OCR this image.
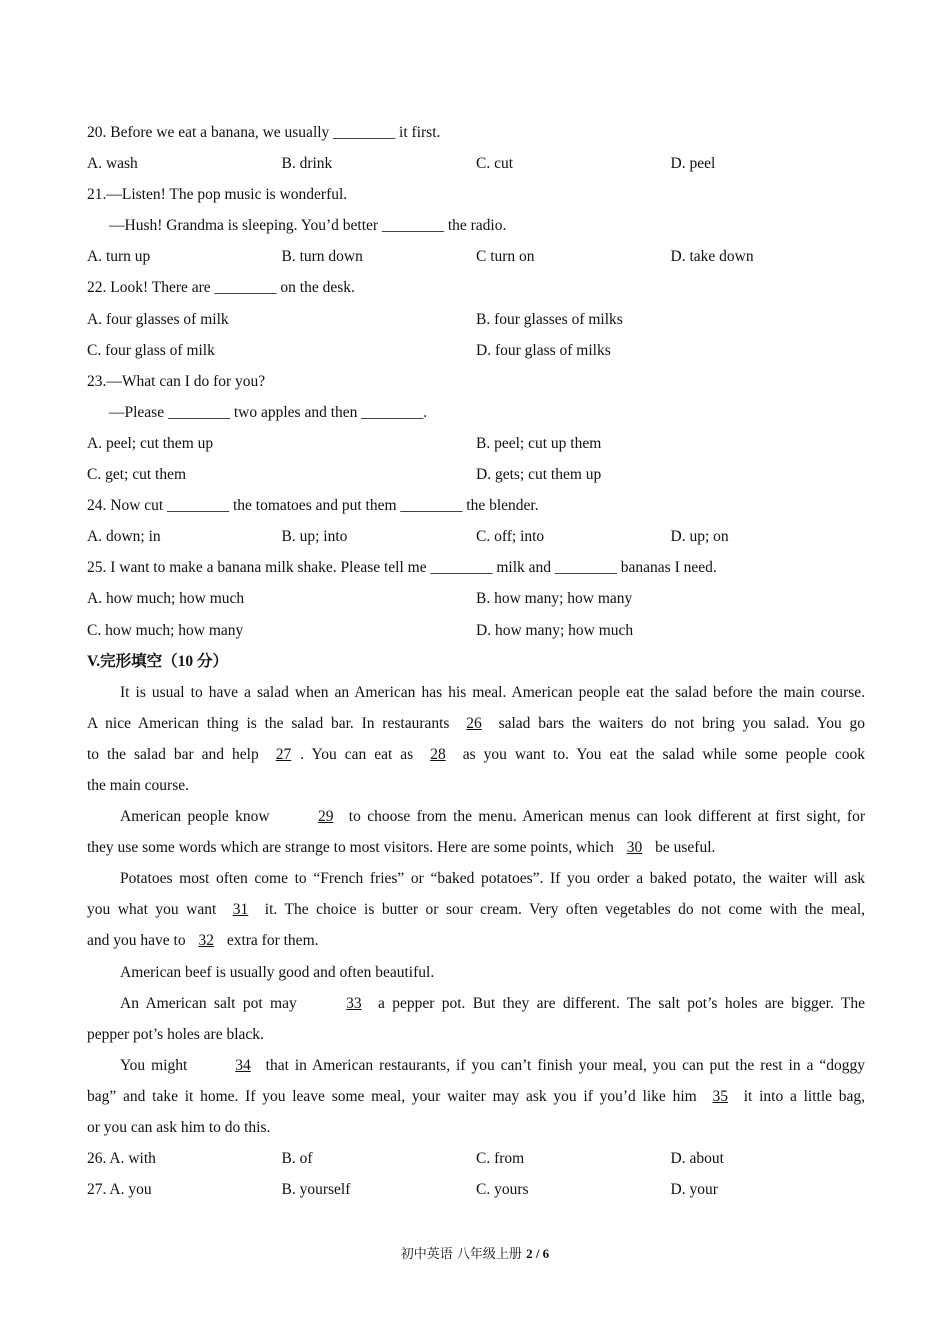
20. Before we eat a banana, we usually ________ it first.
A. wash	B. drink	C. cut	D. peel
21.—Listen! The pop music is wonderful.
—Hush! Grandma is sleeping. You’d better ________ the radio.
A. turn up	B. turn down	C turn on	D. take down
22. Look! There are ________ on the desk.
A. four glasses of milk	B. four glasses of milks
C. four glass of milk	D. four glass of milks
23.—What can I do for you?
—Please ________ two apples and then ________.
A. peel; cut them up	B. peel; cut up them
C. get; cut them	D. gets; cut them up
24. Now cut ________ the tomatoes and put them ________ the blender.
A. down; in	B. up; into	C. off; into	D. up; on
25. I want to make a banana milk shake. Please tell me ________ milk and ________ bananas I need.
A. how much; how much	B. how many; how many
C. how much; how many	D. how many; how much
V.完形填空（10 分）
It is usual to have a salad when an American has his meal. American people eat the salad before the main course.
A nice American thing is the salad bar. In restaurants 26 salad bars the waiters do not bring you salad. You go
to the salad bar and help 27 . You can eat as 28 as you want to. You eat the salad while some people cook
the main course.
American people know	29 to choose from the menu. American menus can look different at first sight, for
they use some words which are strange to most visitors. Here are some points, which 30 be useful.
Potatoes most often come to “French fries” or “baked potatoes”. If you order a baked potato, the waiter will ask
you what you want 31 it. The choice is butter or sour cream. Very often vegetables do not come with the meal,
and you have to 32 extra for them.
American beef is usually good and often beautiful.
An American salt pot may	33 a pepper pot. But they are different. The salt pot’s holes are bigger. The
pepper pot’s holes are black.
You might	34 that in American restaurants, if you can’t finish your meal, you can put the rest in a “doggy
bag” and take it home. If you leave some meal, your waiter may ask you if you’d like him 35 it into a little bag,
or you can ask him to do this.
26. A. with	B. of	C. from	D. about
27. A. you	B. yourself	C. yours	D. your
初中英语 八年级上册 2 / 6
